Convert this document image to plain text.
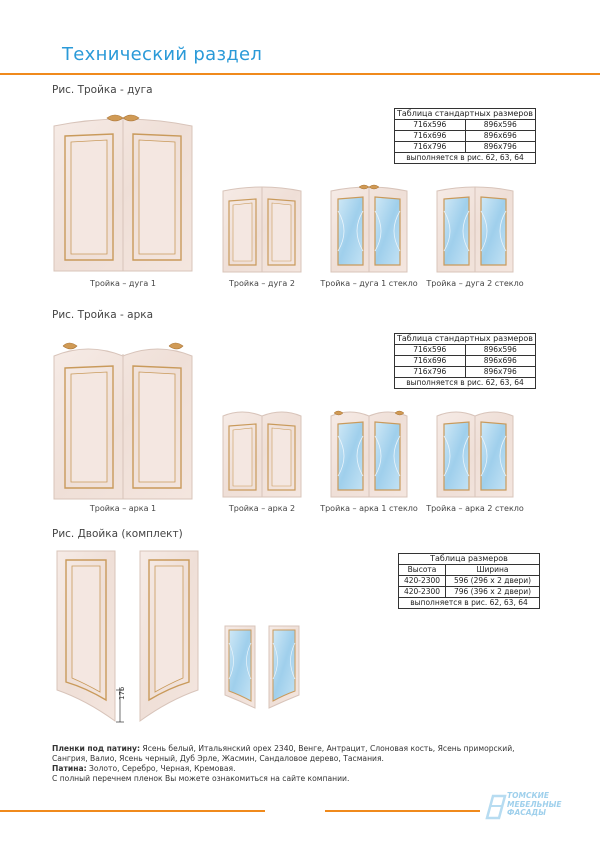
Технический раздел
Рис. Тройка - дуга
Таблица стандартных размеров	
716x596	896x596
716x696	896x696
716x796	896x796
выполняется в рис. 62, 63, 64	
Тройка – дуга 1	Тройка – дуга 2	Тройка – дуга 1 стекло Тройка – дуга 2 стекло
Рис. Тройка - арка
Таблица стандартных размеров	
716x596	896x596
716x696	896x696
716x796	896x796
выполняется в рис. 62, 63, 64	
Тройка – арка 1	Тройка – арка 2	Тройка – арка 1 стекло Тройка – арка 2 стекло
Рис. Двойка (комплект)
176
Таблица размеров	
Высота	Ширина
420-2300	596 (296 x 2 двери)
420-2300	796 (396 x 2 двери)
выполняется в рис. 62, 63, 64	
Пленки под патину: Ясень белый, Итальянский орех 2340, Венге, Антрацит, Слоновая кость, Ясень приморский, Сангрия, Валио, Ясень черный, Дуб Эрле, Жасмин, Сандаловое дерево, Тасмания.
Патина: Золото, Серебро, Черная, Кремовая.
С полный перечнем пленок Вы можете ознакомиться на сайте компании.
ТОМСКИЕ
МЕБЕЛЬНЫЕ
ФАСАДЫ
